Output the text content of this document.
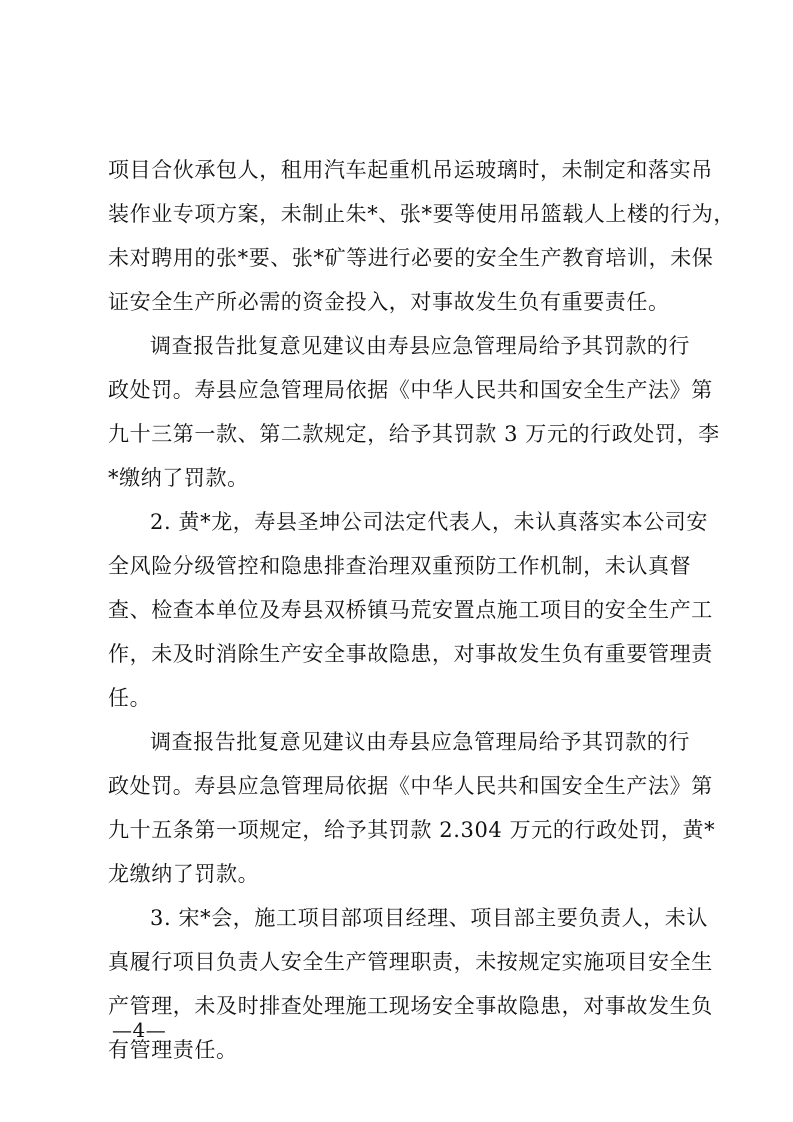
项目合伙承包人，租用汽车起重机吊运玻璃时，未制定和落实吊
装作业专项方案，未制止朱*、张*要等使用吊篮载人上楼的行为，
未对聘用的张*要、张*矿等进行必要的安全生产教育培训，未保
证安全生产所必需的资金投入，对事故发生负有重要责任。
调查报告批复意见建议由寿县应急管理局给予其罚款的行
政处罚。寿县应急管理局依据《中华人民共和国安全生产法》第
九十三第一款、第二款规定，给予其罚款 3 万元的行政处罚，李
*缴纳了罚款。
2. 黄*龙，寿县圣坤公司法定代表人，未认真落实本公司安
全风险分级管控和隐患排查治理双重预防工作机制，未认真督
查、检查本单位及寿县双桥镇马荒安置点施工项目的安全生产工
作，未及时消除生产安全事故隐患，对事故发生负有重要管理责
任。
调查报告批复意见建议由寿县应急管理局给予其罚款的行
政处罚。寿县应急管理局依据《中华人民共和国安全生产法》第
九十五条第一项规定，给予其罚款 2.304 万元的行政处罚，黄*
龙缴纳了罚款。
3. 宋*会，施工项目部项目经理、项目部主要负责人，未认
真履行项目负责人安全生产管理职责，未按规定实施项目安全生
产管理，未及时排查处理施工现场安全事故隐患，对事故发生负
有管理责任。
—4—
